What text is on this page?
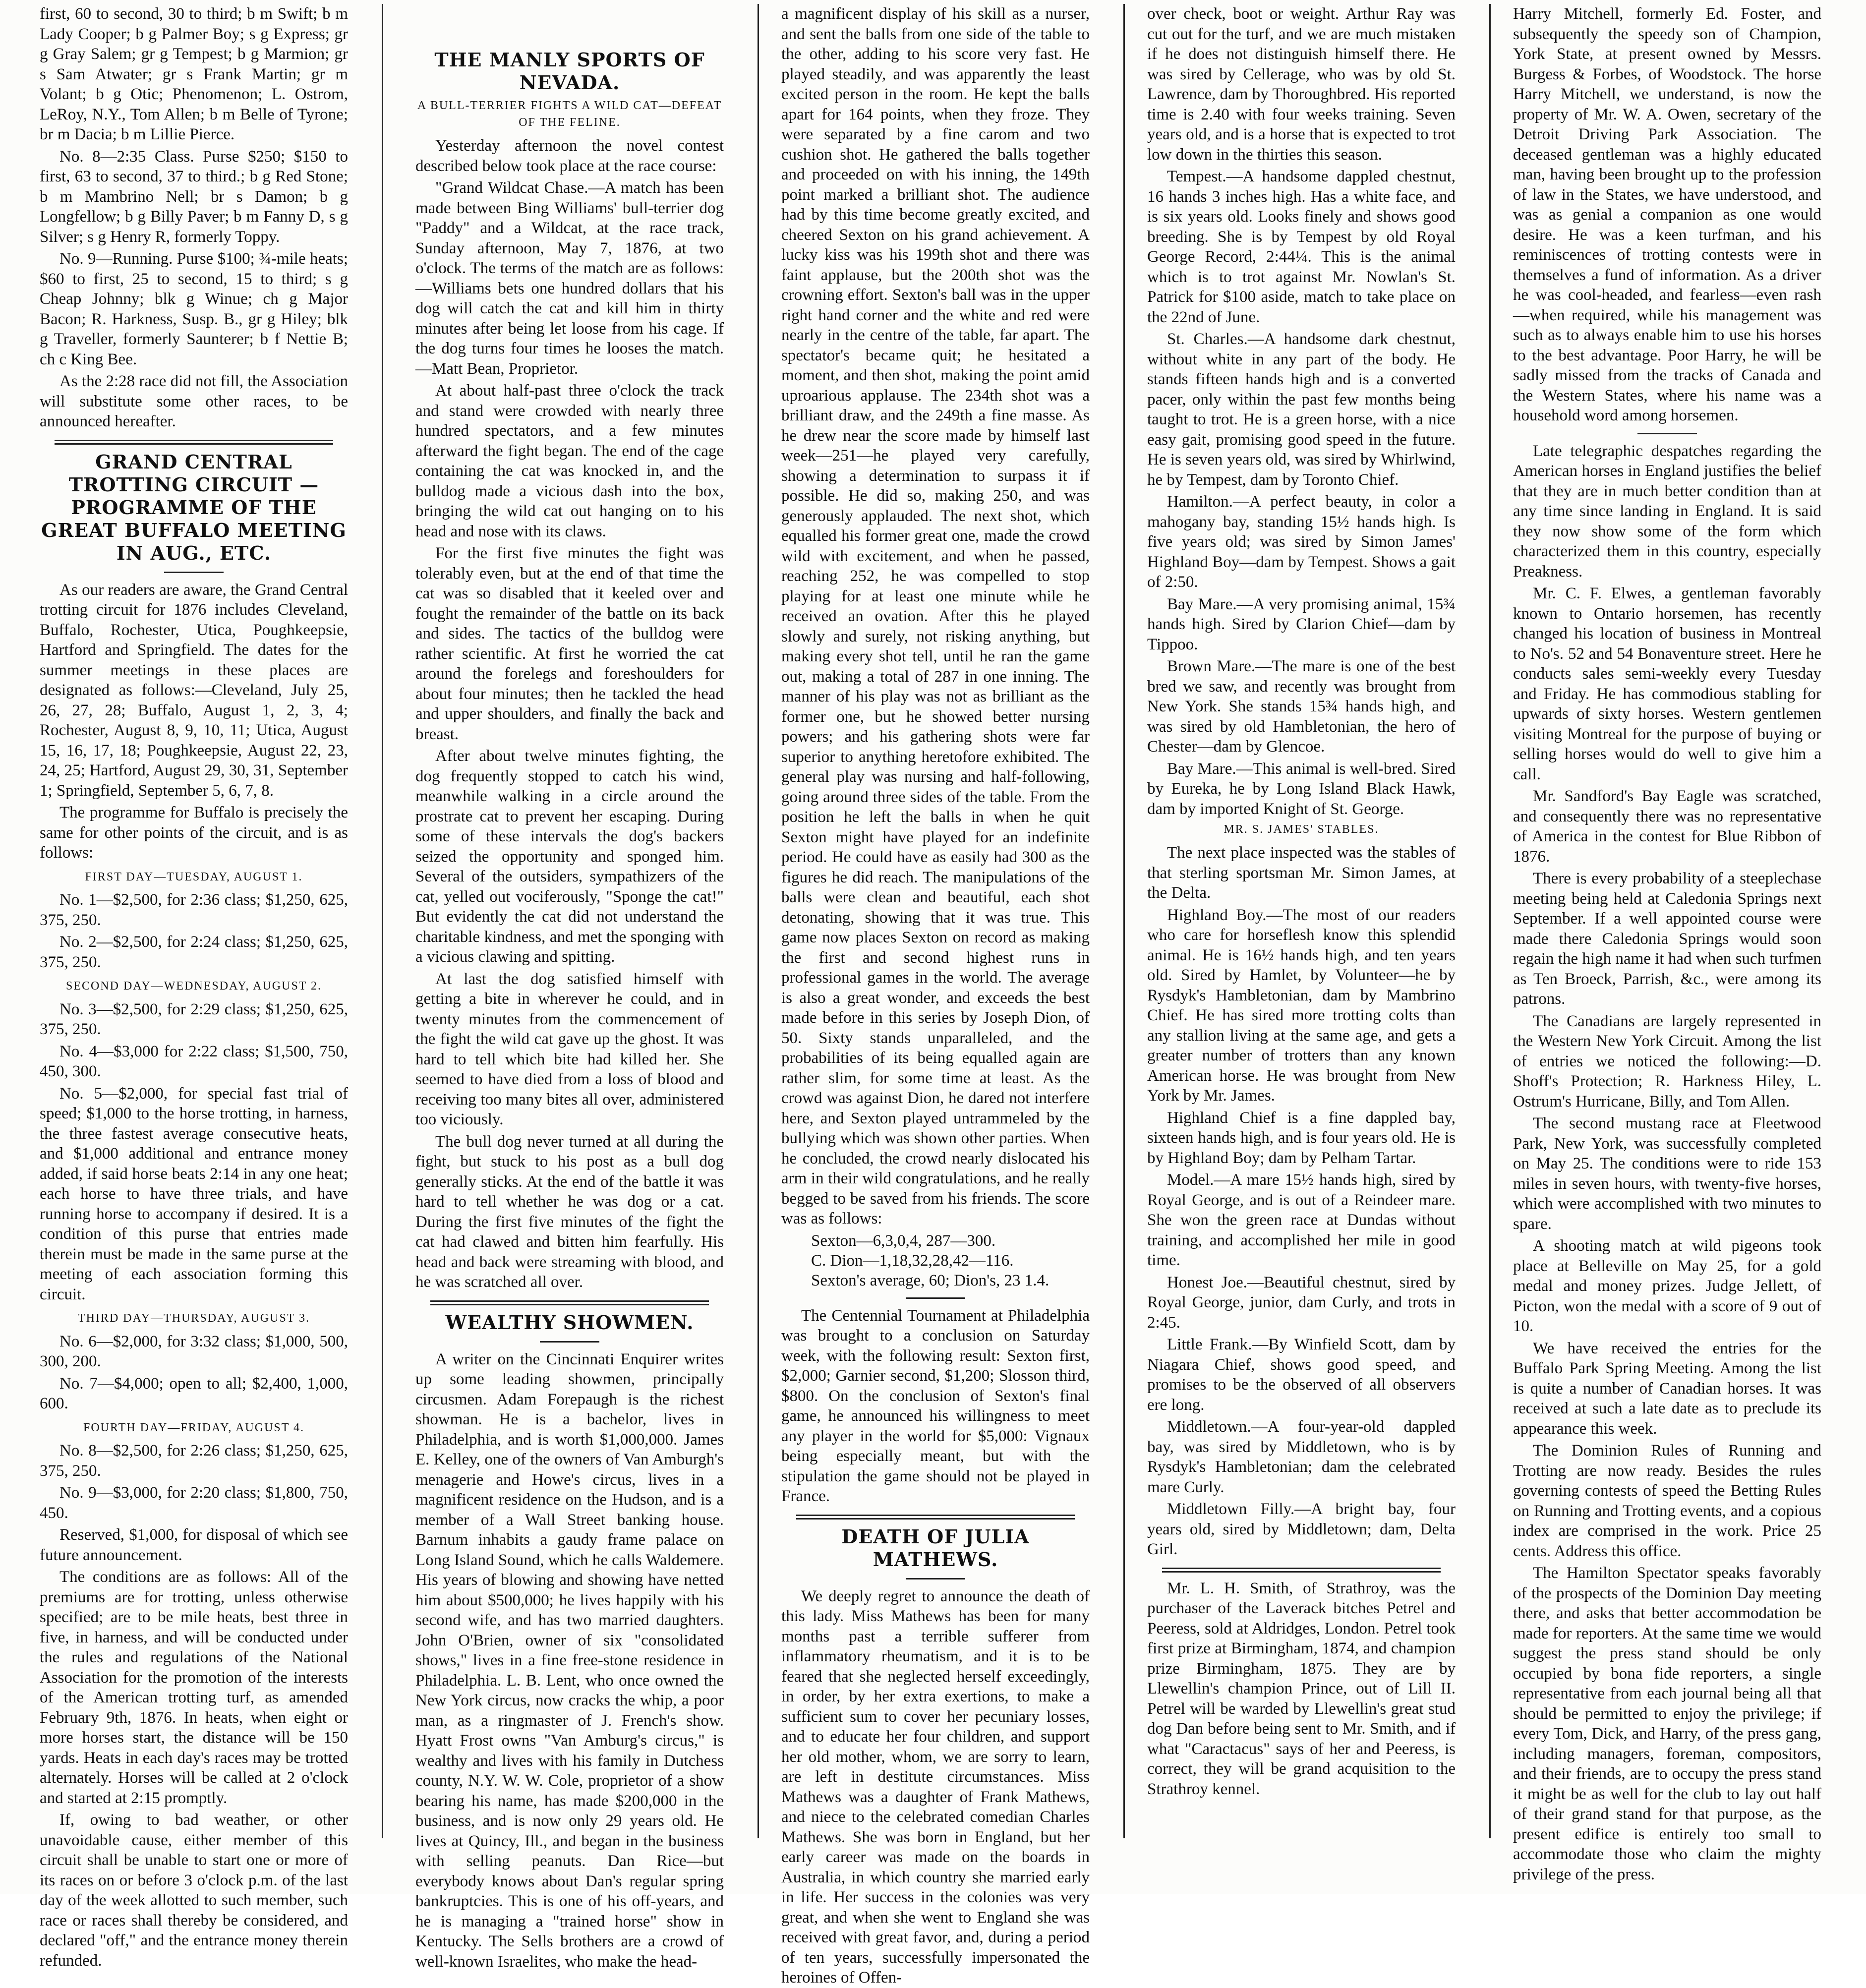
first, 60 to second, 30 to third; b m Swift; b m Lady Cooper; b g Palmer Boy; s g Express; gr g Gray Salem; gr g Tempest; b g Marmion; gr s Sam Atwater; gr s Frank Martin; gr m Volant; b g Otic; Phenomenon; L. Ostrom, LeRoy, N.Y., Tom Allen; b m Belle of Tyrone; br m Dacia; b m Lillie Pierce.

No. 8—2:35 Class. Purse $250; $150 to first, 63 to second, 37 to third.; b g Red Stone; b m Mambrino Nell; br s Damon; b g Longfellow; b g Billy Paver; b m Fanny D, s g Silver; s g Henry R, formerly Toppy.

No. 9—Running. Purse $100; ¾-mile heats; $60 to first, 25 to second, 15 to third; s g Cheap Johnny; blk g Winue; ch g Major Bacon; R. Harkness, Susp. B., gr g Hiley; blk g Traveller, formerly Saunterer; b f Nettie B; ch c King Bee.

As the 2:28 race did not fill, the Association will substitute some other races, to be announced hereafter.

GRAND CENTRAL TROTTING CIRCUIT —PROGRAMME OF THE GREAT BUFFALO MEETING IN AUG., ETC.

As our readers are aware, the Grand Central trotting circuit for 1876 includes Cleveland, Buffalo, Rochester, Utica, Poughkeepsie, Hartford and Springfield. The dates for the summer meetings in these places are designated as follows:—Cleveland, July 25, 26, 27, 28; Buffalo, August 1, 2, 3, 4; Rochester, August 8, 9, 10, 11; Utica, August 15, 16, 17, 18; Poughkeepsie, August 22, 23, 24, 25; Hartford, August 29, 30, 31, September 1; Springfield, September 5, 6, 7, 8.

The programme for Buffalo is precisely the same for other points of the circuit, and is as follows:

FIRST DAY—TUESDAY, AUGUST 1.

No. 1—$2,500, for 2:36 class; $1,250, 625, 375, 250.

No. 2—$2,500, for 2:24 class; $1,250, 625, 375, 250.

SECOND DAY—WEDNESDAY, AUGUST 2.

No. 3—$2,500, for 2:29 class; $1,250, 625, 375, 250.

No. 4—$3,000 for 2:22 class; $1,500, 750, 450, 300.

No. 5—$2,000, for special fast trial of speed; $1,000 to the horse trotting, in harness, the three fastest average consecutive heats, and $1,000 additional and entrance money added, if said horse beats 2:14 in any one heat; each horse to have three trials, and have running horse to accompany if desired. It is a condition of this purse that entries made therein must be made in the same purse at the meeting of each association forming this circuit.

THIRD DAY—THURSDAY, AUGUST 3.

No. 6—$2,000, for 3:32 class; $1,000, 500, 300, 200.

No. 7—$4,000; open to all; $2,400, 1,000, 600.

FOURTH DAY—FRIDAY, AUGUST 4.

No. 8—$2,500, for 2:26 class; $1,250, 625, 375, 250.

No. 9—$3,000, for 2:20 class; $1,800, 750, 450.

Reserved, $1,000, for disposal of which see future announcement.

The conditions are as follows: All of the premiums are for trotting, unless otherwise specified; are to be mile heats, best three in five, in harness, and will be conducted under the rules and regulations of the National Association for the promotion of the interests of the American trotting turf, as amended February 9th, 1876. In heats, when eight or more horses start, the distance will be 150 yards. Heats in each day's races may be trotted alternately. Horses will be called at 2 o'clock and started at 2:15 promptly.

If, owing to bad weather, or other unavoidable cause, either member of this circuit shall be unable to start one or more of its races on or before 3 o'clock p.m. of the last day of the week allotted to such member, such race or races shall thereby be considered, and declared "off," and the entrance money therein refunded.

THE MANLY SPORTS OF NEVADA.
A BULL-TERRIER FIGHTS A WILD CAT—DEFEAT OF THE FELINE.

Yesterday afternoon the novel contest described below took place at the race course:

"Grand Wildcat Chase.—A match has been made between Bing Williams' bull-terrier dog "Paddy" and a Wildcat, at the race track, Sunday afternoon, May 7, 1876, at two o'clock. The terms of the match are as follows:—Williams bets one hundred dollars that his dog will catch the cat and kill him in thirty minutes after being let loose from his cage. If the dog turns four times he looses the match.—Matt Bean, Proprietor.

At about half-past three o'clock the track and stand were crowded with nearly three hundred spectators, and a few minutes afterward the fight began. The end of the cage containing the cat was knocked in, and the bulldog made a vicious dash into the box, bringing the wild cat out hanging on to his head and nose with its claws.

For the first five minutes the fight was tolerably even, but at the end of that time the cat was so disabled that it keeled over and fought the remainder of the battle on its back and sides. The tactics of the bulldog were rather scientific. At first he worried the cat around the forelegs and foreshoulders for about four minutes; then he tackled the head and upper shoulders, and finally the back and breast.

After about twelve minutes fighting, the dog frequently stopped to catch his wind, meanwhile walking in a circle around the prostrate cat to prevent her escaping. During some of these intervals the dog's backers seized the opportunity and sponged him. Several of the outsiders, sympathizers of the cat, yelled out vociferously, "Sponge the cat!" But evidently the cat did not understand the charitable kindness, and met the sponging with a vicious clawing and spitting.

At last the dog satisfied himself with getting a bite in wherever he could, and in twenty minutes from the commencement of the fight the wild cat gave up the ghost. It was hard to tell which bite had killed her. She seemed to have died from a loss of blood and receiving too many bites all over, administered too viciously.

The bull dog never turned at all during the fight, but stuck to his post as a bull dog generally sticks. At the end of the battle it was hard to tell whether he was dog or a cat. During the first five minutes of the fight the cat had clawed and bitten him fearfully. His head and back were streaming with blood, and he was scratched all over.

WEALTHY SHOWMEN.

A writer on the Cincinnati Enquirer writes up some leading showmen, principally circusmen. Adam Forepaugh is the richest showman. He is a bachelor, lives in Philadelphia, and is worth $1,000,000. James E. Kelley, one of the owners of Van Amburgh's menagerie and Howe's circus, lives in a magnificent residence on the Hudson, and is a member of a Wall Street banking house. Barnum inhabits a gaudy frame palace on Long Island Sound, which he calls Waldemere. His years of blowing and showing have netted him about $500,000; he lives happily with his second wife, and has two married daughters. John O'Brien, owner of six "consolidated shows," lives in a fine free-stone residence in Philadelphia. L. B. Lent, who once owned the New York circus, now cracks the whip, a poor man, as a ringmaster of J. French's show. Hyatt Frost owns "Van Amburg's circus," is wealthy and lives with his family in Dutchess county, N.Y. W. W. Cole, proprietor of a show bearing his name, has made $200,000 in the business, and is now only 29 years old. He lives at Quincy, Ill., and began in the business with selling peanuts. Dan Rice—but everybody knows about Dan's regular spring bankruptcies. This is one of his off-years, and he is managing a "trained horse" show in Kentucky. The Sells brothers are a crowd of well-known Israelites, who make the head-

a magnificent display of his skill as a nurser, and sent the balls from one side of the table to the other, adding to his score very fast. He played steadily, and was apparently the least excited person in the room. He kept the balls apart for 164 points, when they froze. They were separated by a fine carom and two cushion shot. He gathered the balls together and proceeded on with his inning, the 149th point marked a brilliant shot. The audience had by this time become greatly excited, and cheered Sexton on his grand achievement. A lucky kiss was his 199th shot and there was faint applause, but the 200th shot was the crowning effort. Sexton's ball was in the upper right hand corner and the white and red were nearly in the centre of the table, far apart. The spectator's became quit; he hesitated a moment, and then shot, making the point amid uproarious applause. The 234th shot was a brilliant draw, and the 249th a fine masse. As he drew near the score made by himself last week—251—he played very carefully, showing a determination to surpass it if possible. He did so, making 250, and was generously applauded. The next shot, which equalled his former great one, made the crowd wild with excitement, and when he passed, reaching 252, he was compelled to stop playing for at least one minute while he received an ovation. After this he played slowly and surely, not risking anything, but making every shot tell, until he ran the game out, making a total of 287 in one inning. The manner of his play was not as brilliant as the former one, but he showed better nursing powers; and his gathering shots were far superior to anything heretofore exhibited. The general play was nursing and half-following, going around three sides of the table. From the position he left the balls in when he quit Sexton might have played for an indefinite period. He could have as easily had 300 as the figures he did reach. The manipulations of the balls were clean and beautiful, each shot detonating, showing that it was true. This game now places Sexton on record as making the first and second highest runs in professional games in the world. The average is also a great wonder, and exceeds the best made before in this series by Joseph Dion, of 50. Sixty stands unparalleled, and the probabilities of its being equalled again are rather slim, for some time at least. As the crowd was against Dion, he dared not interfere here, and Sexton played untrammeled by the bullying which was shown other parties. When he concluded, the crowd nearly dislocated his arm in their wild congratulations, and he really begged to be saved from his friends. The score was as follows:

Sexton—6,3,0,4, 287—300.
C. Dion—1,18,32,28,42—116.
Sexton's average, 60; Dion's, 23 1.4.

The Centennial Tournament at Philadelphia was brought to a conclusion on Saturday week, with the following result: Sexton first, $2,000; Garnier second, $1,200; Slosson third, $800. On the conclusion of Sexton's final game, he announced his willingness to meet any player in the world for $5,000: Vignaux being especially meant, but with the stipulation the game should not be played in France.

DEATH OF JULIA MATHEWS.

We deeply regret to announce the death of this lady. Miss Mathews has been for many months past a terrible sufferer from inflammatory rheumatism, and it is to be feared that she neglected herself exceedingly, in order, by her extra exertions, to make a sufficient sum to cover her pecuniary losses, and to educate her four children, and support her old mother, whom, we are sorry to learn, are left in destitute circumstances. Miss Mathews was a daughter of Frank Mathews, and niece to the celebrated comedian Charles Mathews. She was born in England, but her early career was made on the boards in Australia, in which country she married early in life. Her success in the colonies was very great, and when she went to England she was received with great favor, and, during a period of ten years, successfully impersonated the heroines of Offen-

over check, boot or weight. Arthur Ray was cut out for the turf, and we are much mistaken if he does not distinguish himself there. He was sired by Cellerage, who was by old St. Lawrence, dam by Thoroughbred. His reported time is 2.40 with four weeks training. Seven years old, and is a horse that is expected to trot low down in the thirties this season.

Tempest.—A handsome dappled chestnut, 16 hands 3 inches high. Has a white face, and is six years old. Looks finely and shows good breeding. She is by Tempest by old Royal George Record, 2:44¼. This is the animal which is to trot against Mr. Nowlan's St. Patrick for $100 aside, match to take place on the 22nd of June.

St. Charles.—A handsome dark chestnut, without white in any part of the body. He stands fifteen hands high and is a converted pacer, only within the past few months being taught to trot. He is a green horse, with a nice easy gait, promising good speed in the future. He is seven years old, was sired by Whirlwind, he by Tempest, dam by Toronto Chief.

Hamilton.—A perfect beauty, in color a mahogany bay, standing 15½ hands high. Is five years old; was sired by Simon James' Highland Boy—dam by Tempest. Shows a gait of 2:50.

Bay Mare.—A very promising animal, 15¾ hands high. Sired by Clarion Chief—dam by Tippoo.

Brown Mare.—The mare is one of the best bred we saw, and recently was brought from New York. She stands 15¾ hands high, and was sired by old Hambletonian, the hero of Chester—dam by Glencoe.

Bay Mare.—This animal is well-bred. Sired by Eureka, he by Long Island Black Hawk, dam by imported Knight of St. George.

MR. S. JAMES' STABLES.

The next place inspected was the stables of that sterling sportsman Mr. Simon James, at the Delta.

Highland Boy.—The most of our readers who care for horseflesh know this splendid animal. He is 16½ hands high, and ten years old. Sired by Hamlet, by Volunteer—he by Rysdyk's Hambletonian, dam by Mambrino Chief. He has sired more trotting colts than any stallion living at the same age, and gets a greater number of trotters than any known American horse. He was brought from New York by Mr. James.

Highland Chief is a fine dappled bay, sixteen hands high, and is four years old. He is by Highland Boy; dam by Pelham Tartar.

Model.—A mare 15½ hands high, sired by Royal George, and is out of a Reindeer mare. She won the green race at Dundas without training, and accomplished her mile in good time.

Honest Joe.—Beautiful chestnut, sired by Royal George, junior, dam Curly, and trots in 2:45.

Little Frank.—By Winfield Scott, dam by Niagara Chief, shows good speed, and promises to be the observed of all observers ere long.

Middletown.—A four-year-old dappled bay, was sired by Middletown, who is by Rysdyk's Hambletonian; dam the celebrated mare Curly.

Middletown Filly.—A bright bay, four years old, sired by Middletown; dam, Delta Girl.

Mr. L. H. Smith, of Strathroy, was the purchaser of the Laverack bitches Petrel and Peeress, sold at Aldridges, London. Petrel took first prize at Birmingham, 1874, and champion prize Birmingham, 1875. They are by Llewellin's champion Prince, out of Lill II. Petrel will be warded by Llewellin's great stud dog Dan before being sent to Mr. Smith, and if what "Caractacus" says of her and Peeress, is correct, they will be grand acquisition to the Strathroy kennel.

Harry Mitchell, formerly Ed. Foster, and subsequently the speedy son of Champion, York State, at present owned by Messrs. Burgess & Forbes, of Woodstock. The horse Harry Mitchell, we understand, is now the property of Mr. W. A. Owen, secretary of the Detroit Driving Park Association. The deceased gentleman was a highly educated man, having been brought up to the profession of law in the States, we have understood, and was as genial a companion as one would desire. He was a keen turfman, and his reminiscences of trotting contests were in themselves a fund of information. As a driver he was cool-headed, and fearless—even rash—when required, while his management was such as to always enable him to use his horses to the best advantage. Poor Harry, he will be sadly missed from the tracks of Canada and the Western States, where his name was a household word among horsemen.

Late telegraphic despatches regarding the American horses in England justifies the belief that they are in much better condition than at any time since landing in England. It is said they now show some of the form which characterized them in this country, especially Preakness.

Mr. C. F. Elwes, a gentleman favorably known to Ontario horsemen, has recently changed his location of business in Montreal to No's. 52 and 54 Bonaventure street. Here he conducts sales semi-weekly every Tuesday and Friday. He has commodious stabling for upwards of sixty horses. Western gentlemen visiting Montreal for the purpose of buying or selling horses would do well to give him a call.

Mr. Sandford's Bay Eagle was scratched, and consequently there was no representative of America in the contest for Blue Ribbon of 1876.

There is every probability of a steeplechase meeting being held at Caledonia Springs next September. If a well appointed course were made there Caledonia Springs would soon regain the high name it had when such turfmen as Ten Broeck, Parrish, &c., were among its patrons.

The Canadians are largely represented in the Western New York Circuit. Among the list of entries we noticed the following:—D. Shoff's Protection; R. Harkness Hiley, L. Ostrum's Hurricane, Billy, and Tom Allen.

The second mustang race at Fleetwood Park, New York, was successfully completed on May 25. The conditions were to ride 153 miles in seven hours, with twenty-five horses, which were accomplished with two minutes to spare.

A shooting match at wild pigeons took place at Belleville on May 25, for a gold medal and money prizes. Judge Jellett, of Picton, won the medal with a score of 9 out of 10.

We have received the entries for the Buffalo Park Spring Meeting. Among the list is quite a number of Canadian horses. It was received at such a late date as to preclude its appearance this week.

The Dominion Rules of Running and Trotting are now ready. Besides the rules governing contests of speed the Betting Rules on Running and Trotting events, and a copious index are comprised in the work. Price 25 cents. Address this office.

The Hamilton Spectator speaks favorably of the prospects of the Dominion Day meeting there, and asks that better accommodation be made for reporters. At the same time we would suggest the press stand should be only occupied by bona fide reporters, a single representative from each journal being all that should be permitted to enjoy the privilege; if every Tom, Dick, and Harry, of the press gang, including managers, foreman, compositors, and their friends, are to occupy the press stand it might be as well for the club to lay out half of their grand stand for that purpose, as the present edifice is entirely too small to accommodate those who claim the mighty privilege of the press.
